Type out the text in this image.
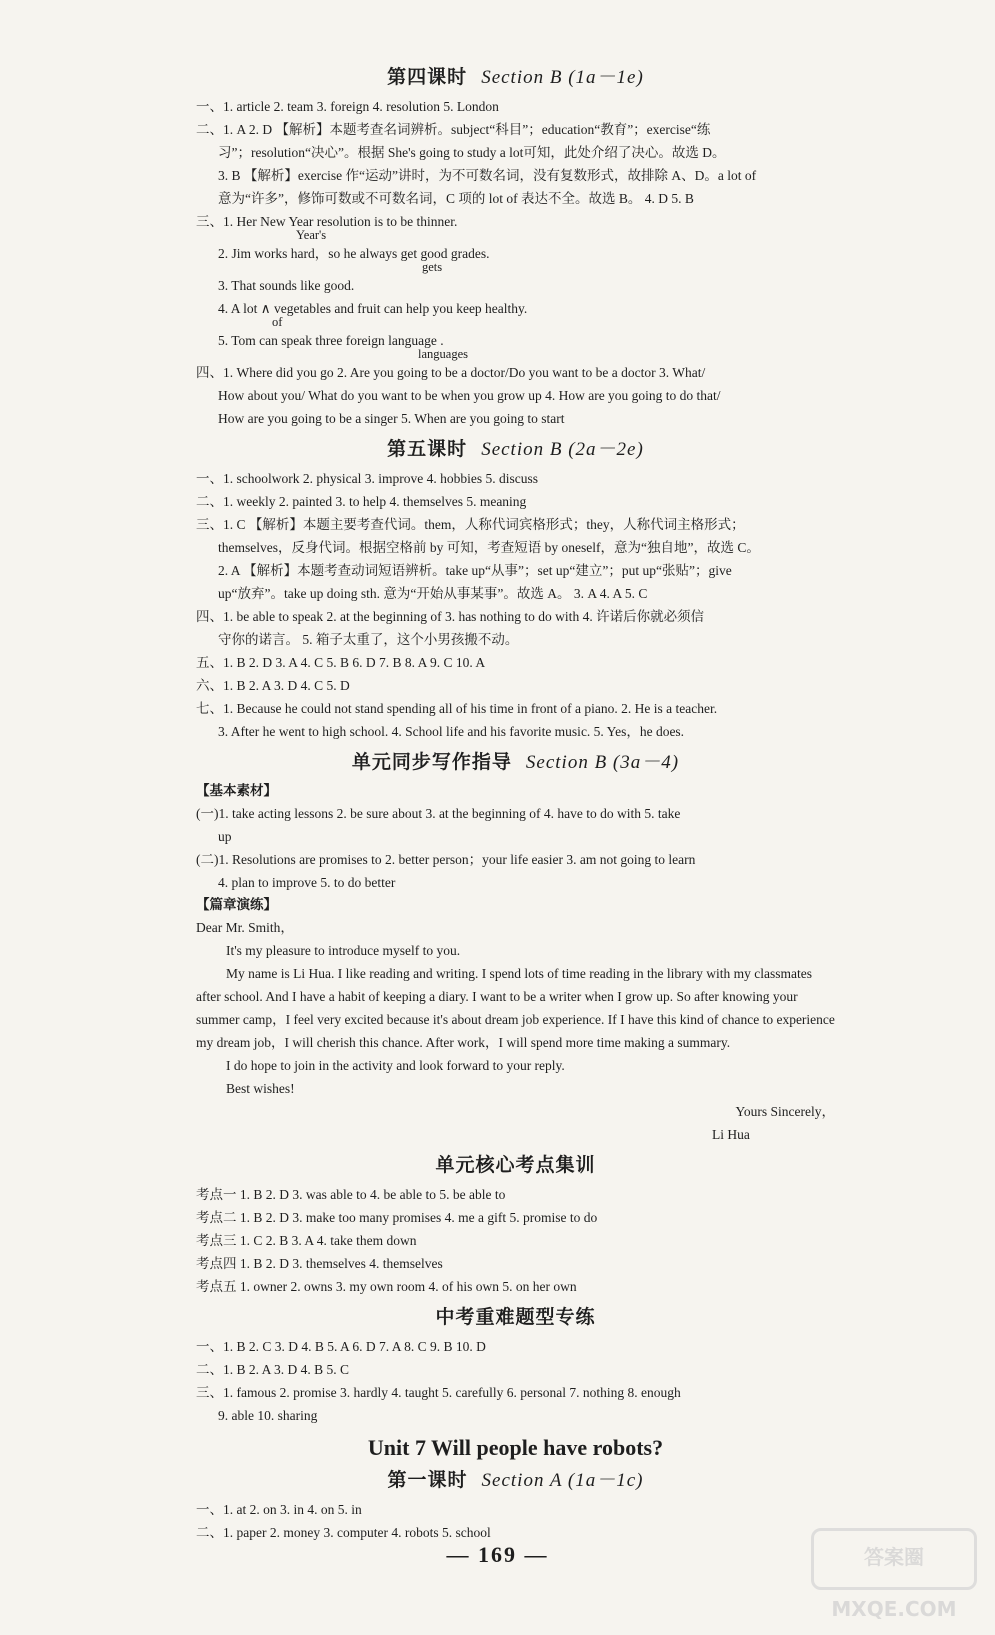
第四课时 Section B (1a－1e)
一、1. article 2. team 3. foreign 4. resolution 5. London
二、1. A 2. D 【解析】本题考查名词辨析。subject“科目”；education“教育”；exercise“练
习”；resolution“决心”。根据 She's going to study a lot可知，此处介绍了决心。故选 D。
3. B 【解析】exercise 作“运动”讲时，为不可数名词，没有复数形式，故排除 A、D。a lot of
意为“许多”，修饰可数或不可数名词，C 项的 lot of 表达不全。故选 B。 4. D 5. B
三、1. Her New Year resolution is to be thinner.
Year's
2. Jim works hard，so he always get good grades.
gets
3. That sounds like good.
4. A lot ∧ vegetables and fruit can help you keep healthy.
of
5. Tom can speak three foreign language .
languages
四、1. Where did you go 2. Are you going to be a doctor/Do you want to be a doctor 3. What/
How about you/ What do you want to be when you grow up 4. How are you going to do that/
How are you going to be a singer 5. When are you going to start
第五课时 Section B (2a－2e)
一、1. schoolwork 2. physical 3. improve 4. hobbies 5. discuss
二、1. weekly 2. painted 3. to help 4. themselves 5. meaning
三、1. C 【解析】本题主要考查代词。them，人称代词宾格形式；they，人称代词主格形式；
themselves，反身代词。根据空格前 by 可知，考查短语 by oneself，意为“独自地”，故选 C。
2. A 【解析】本题考查动词短语辨析。take up“从事”；set up“建立”；put up“张贴”；give
up“放弃”。take up doing sth. 意为“开始从事某事”。故选 A。 3. A 4. A 5. C
四、1. be able to speak 2. at the beginning of 3. has nothing to do with 4. 许诺后你就必须信
守你的诺言。 5. 箱子太重了，这个小男孩搬不动。
五、1. B 2. D 3. A 4. C 5. B 6. D 7. B 8. A 9. C 10. A
六、1. B 2. A 3. D 4. C 5. D
七、1. Because he could not stand spending all of his time in front of a piano. 2. He is a teacher.
3. After he went to high school. 4. School life and his favorite music. 5. Yes，he does.
单元同步写作指导 Section B (3a－4)
【基本素材】
(一)1. take acting lessons 2. be sure about 3. at the beginning of 4. have to do with 5. take
up
(二)1. Resolutions are promises to 2. better person；your life easier 3. am not going to learn
4. plan to improve 5. to do better
【篇章演练】
Dear Mr. Smith，
It's my pleasure to introduce myself to you.
My name is Li Hua. I like reading and writing. I spend lots of time reading in the library with my classmates after school. And I have a habit of keeping a diary. I want to be a writer when I grow up. So after knowing your summer camp，I feel very excited because it's about dream job experience. If I have this kind of chance to experience my dream job，I will cherish this chance. After work，I will spend more time making a summary.
I do hope to join in the activity and look forward to your reply.
Best wishes!
Yours Sincerely，
Li Hua
单元核心考点集训
考点一 1. B 2. D 3. was able to 4. be able to 5. be able to
考点二 1. B 2. D 3. make too many promises 4. me a gift 5. promise to do
考点三 1. C 2. B 3. A 4. take them down
考点四 1. B 2. D 3. themselves 4. themselves
考点五 1. owner 2. owns 3. my own room 4. of his own 5. on her own
中考重难题型专练
一、1. B 2. C 3. D 4. B 5. A 6. D 7. A 8. C 9. B 10. D
二、1. B 2. A 3. D 4. B 5. C
三、1. famous 2. promise 3. hardly 4. taught 5. carefully 6. personal 7. nothing 8. enough
9. able 10. sharing
Unit 7 Will people have robots?
第一课时 Section A (1a－1c)
一、1. at 2. on 3. in 4. on 5. in
二、1. paper 2. money 3. computer 4. robots 5. school
— 169 —	答案圈 MXQE.COM
